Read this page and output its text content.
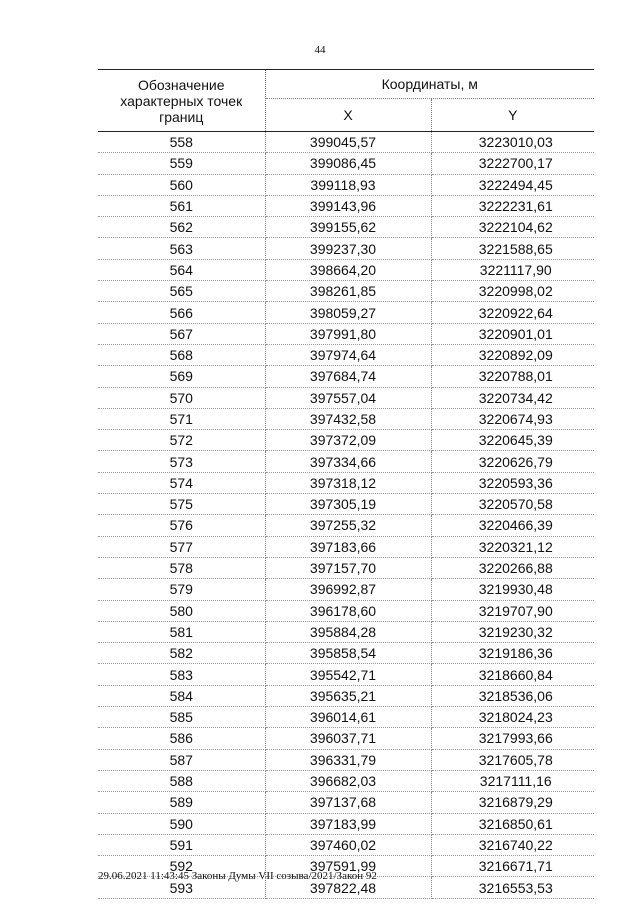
44
Обозначение характерных точек границ	Координаты, м	
	X	Y
558	399045,57	3223010,03
559	399086,45	3222700,17
560	399118,93	3222494,45
561	399143,96	3222231,61
562	399155,62	3222104,62
563	399237,30	3221588,65
564	398664,20	3221117,90
565	398261,85	3220998,02
566	398059,27	3220922,64
567	397991,80	3220901,01
568	397974,64	3220892,09
569	397684,74	3220788,01
570	397557,04	3220734,42
571	397432,58	3220674,93
572	397372,09	3220645,39
573	397334,66	3220626,79
574	397318,12	3220593,36
575	397305,19	3220570,58
576	397255,32	3220466,39
577	397183,66	3220321,12
578	397157,70	3220266,88
579	396992,87	3219930,48
580	396178,60	3219707,90
581	395884,28	3219230,32
582	395858,54	3219186,36
583	395542,71	3218660,84
584	395635,21	3218536,06
585	396014,61	3218024,23
586	396037,71	3217993,66
587	396331,79	3217605,78
588	396682,03	3217111,16
589	397137,68	3216879,29
590	397183,99	3216850,61
591	397460,02	3216740,22
592	397591,99	3216671,71
593	397822,48	3216553,53
29.06.2021 11:43:45 Законы Думы VII созыва/2021/Закон 92
